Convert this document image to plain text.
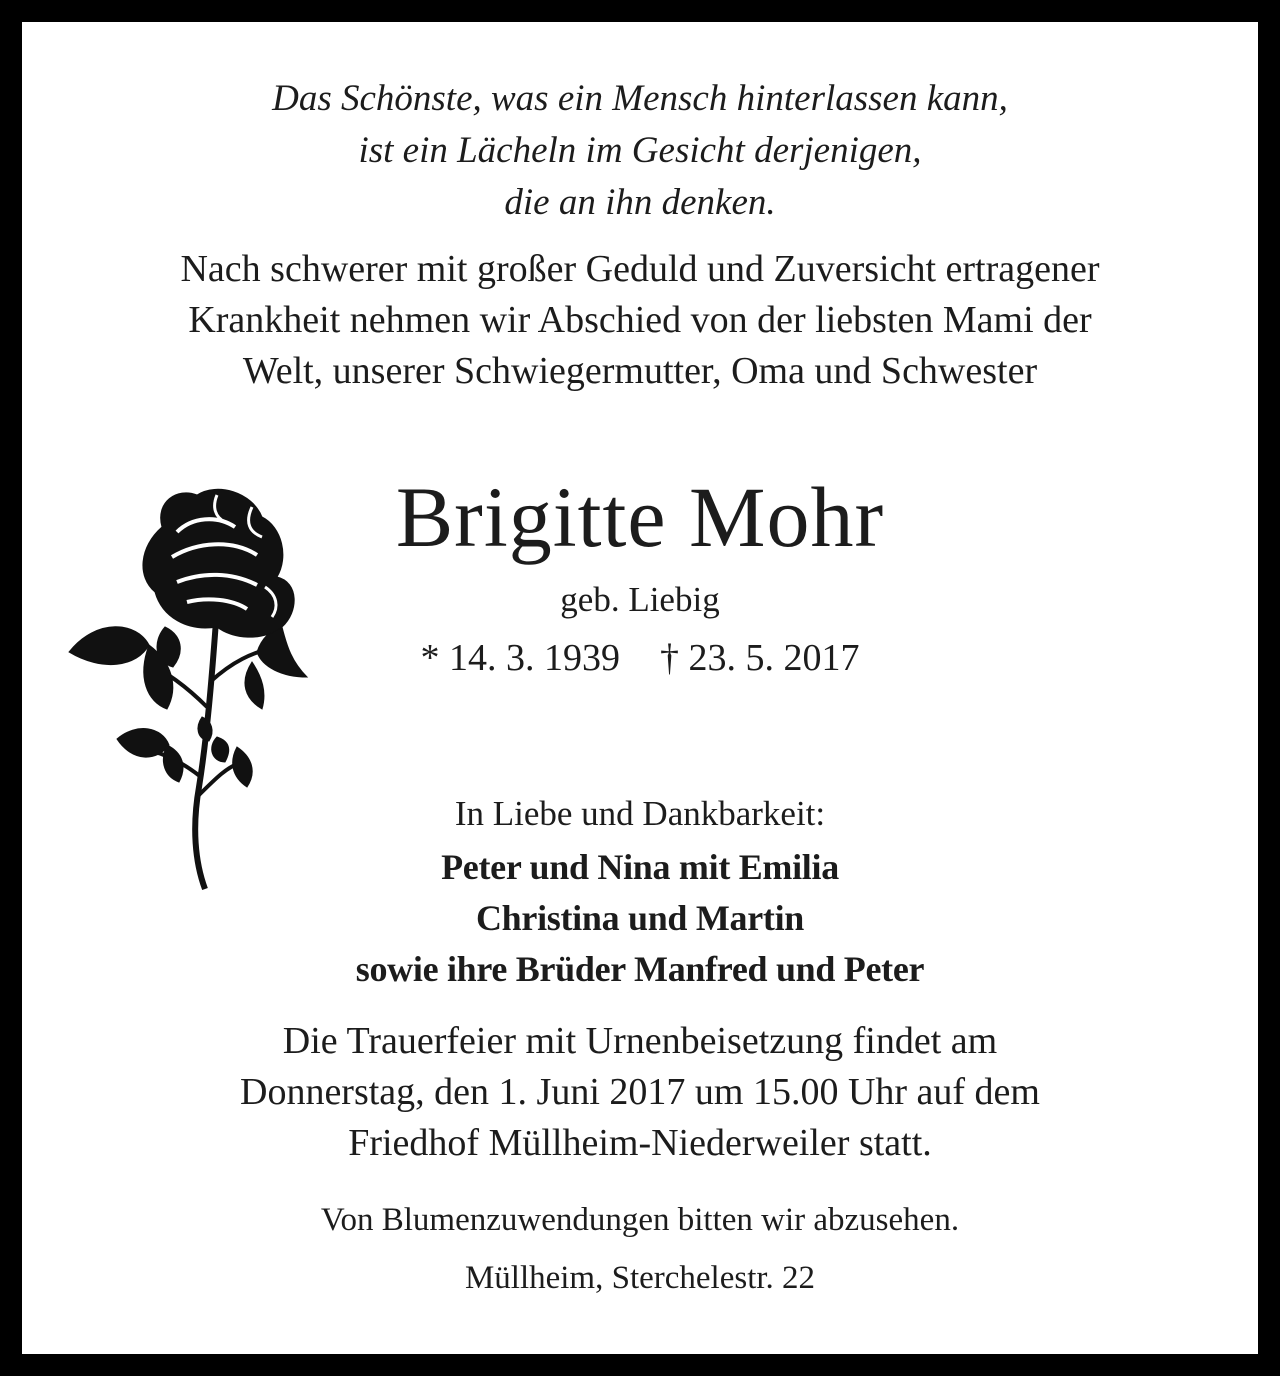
Das Schönste, was ein Mensch hinterlassen kann,
ist ein Lächeln im Gesicht derjenigen,
die an ihn denken.
Nach schwerer mit großer Geduld und Zuversicht ertragener
Krankheit nehmen wir Abschied von der liebsten Mami der
Welt, unserer Schwiegermutter, Oma und Schwester
Brigitte Mohr
geb. Liebig
* 14. 3. 1939 † 23. 5. 2017
In Liebe und Dankbarkeit:
Peter und Nina mit Emilia
Christina und Martin
sowie ihre Brüder Manfred und Peter
Die Trauerfeier mit Urnenbeisetzung findet am
Donnerstag, den 1. Juni 2017 um 15.00 Uhr auf dem
Friedhof Müllheim-Niederweiler statt.
Von Blumenzuwendungen bitten wir abzusehen.
Müllheim, Sterchelestr. 22
